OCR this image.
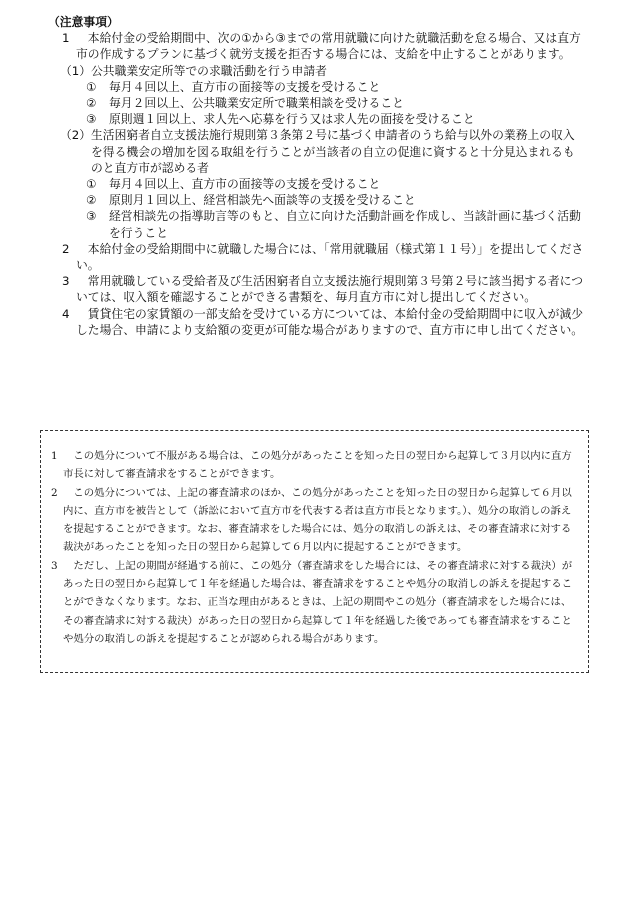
（注意事項）
1 　本給付金の受給期間中、次の①から③までの常用就職に向けた就職活動を怠る場合、又は直方市の作成するプランに基づく就労支援を拒否する場合には、支給を中止することがあります。
（1） 公共職業安定所等での求職活動を行う申請者
① 毎月４回以上、直方市の面接等の支援を受けること
② 毎月２回以上、公共職業安定所で職業相談を受けること
③ 原則週１回以上、求人先へ応募を行う又は求人先の面接を受けること
（2） 生活困窮者自立支援法施行規則第３条第２号に基づく申請者のうち給与以外の業務上の収入を得る機会の増加を図る取組を行うことが当該者の自立の促進に資すると十分見込まれるものと直方市が認める者
① 毎月４回以上、直方市の面接等の支援を受けること
② 原則月１回以上、経営相談先へ面談等の支援を受けること
③ 経営相談先の指導助言等のもと、自立に向けた活動計画を作成し、当該計画に基づく活動を行うこと
2 　本給付金の受給期間中に就職した場合には、「常用就職届（様式第１１号）」を提出してください。
3 　常用就職している受給者及び生活困窮者自立支援法施行規則第３号第２号に該当掲する者については、収入額を確認することができる書類を、毎月直方市に対し提出してください。
4 　賃貸住宅の家賃額の一部支給を受けている方については、本給付金の受給期間中に収入が減少した場合、申請により支給額の変更が可能な場合がありますので、直方市に申し出てください。
1 　この処分について不服がある場合は、この処分があったことを知った日の翌日から起算して３月以内に直方市長に対して審査請求をすることができます。
2 　この処分については、上記の審査請求のほか、この処分があったことを知った日の翌日から起算して６月以内に、直方市を被告として（訴訟において直方市を代表する者は直方市長となります。）、処分の取消しの訴えを提起することができます。なお、審査請求をした場合には、処分の取消しの訴えは、その審査請求に対する裁決があったことを知った日の翌日から起算して６月以内に提起することができます。
3 　ただし、上記の期間が経過する前に、この処分（審査請求をした場合には、その審査請求に対する裁決）があった日の翌日から起算して１年を経過した場合は、審査請求をすることや処分の取消しの訴えを提起することができなくなります。なお、正当な理由があるときは、上記の期間やこの処分（審査請求をした場合には、その審査請求に対する裁決）があった日の翌日から起算して１年を経過した後であっても審査請求をすることや処分の取消しの訴えを提起することが認められる場合があります。
